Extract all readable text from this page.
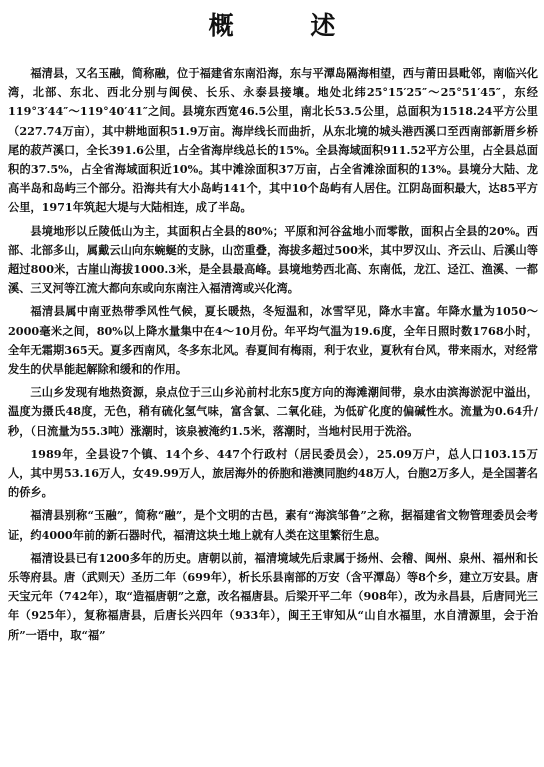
概 述

福清县，又名玉融，简称融，位于福建省东南沿海，东与平潭岛隔海相望，西与莆田县毗邻，南临兴化湾，北部、东北、西北分别与闽侯、长乐、永泰县接壤。地处北纬25°15′25″～25°51′45″，东经119°3′44″～119°40′41″之间。县境东西宽46.5公里，南北长53.5公里，总面积为1518.24平方公里（227.74万亩），其中耕地面积51.9万亩。海岸线长而曲折，从东北境的城头港西溪口至西南部新厝乡桥尾的菽芦溪口，全长391.6公里，占全省海岸线总长的15%。全县海域面积911.52平方公里，占全县总面积的37.5%，占全省海域面积近10%。其中滩涂面积37万亩，占全省滩涂面积的13%。县境分大陆、龙高半岛和岛屿三个部分。沿海共有大小岛屿141个，其中10个岛屿有人居住。江阴岛面积最大，达85平方公里，1971年筑起大堤与大陆相连，成了半岛。

县境地形以丘陵低山为主，其面积占全县的80%；平原和河谷盆地小而零散，面积占全县的20%。西部、北部多山，属戴云山向东蜿蜒的支脉，山峦重叠，海拔多超过500米，其中罗汉山、齐云山、后溪山等超过800米，古崖山海拔1000.3米，是全县最高峰。县境地势西北高、东南低，龙江、迳江、渔溪、一都溪、三叉河等江流大都向东或向东南注入福清湾或兴化湾。

福清县属中南亚热带季风性气候，夏长暖热，冬短温和，冰雪罕见，降水丰富。年降水量为1050～2000毫米之间，80%以上降水量集中在4～10月份。年平均气温为19.6度，全年日照时数1768小时，全年无霜期365天。夏多西南风，冬多东北风。春夏间有梅雨，利于农业，夏秋有台风，带来雨水，对经常发生的伏旱能起解除和缓和的作用。

三山乡发现有地热资源，泉点位于三山乡沁前村北东5度方向的海滩潮间带，泉水由滨海淤泥中溢出，温度为摄氏48度，无色，稍有硫化氢气味，富含氯、二氧化硅，为低矿化度的偏碱性水。流量为0.64升/秒，（日流量为55.3吨）涨潮时，该泉被淹约1.5米，落潮时，当地村民用于洗浴。

1989年，全县设7个镇、14个乡、447个行政村（居民委员会），25.09万户，总人口103.15万人，其中男53.16万人，女49.99万人，旅居海外的侨胞和港澳同胞约48万人，台胞2万多人，是全国著名的侨乡。

福清县别称“玉融”，简称“融”，是个文明的古邑，素有“海滨邹鲁”之称，据福建省文物管理委员会考证，约4000年前的新石器时代，福清这块土地上就有人类在这里繁衍生息。

福清设县已有1200多年的历史。唐朝以前，福清境域先后隶属于扬州、会稽、闽州、泉州、福州和长乐等府县。唐（武则天）圣历二年（699年），析长乐县南部的万安（含平潭岛）等8个乡，建立万安县。唐天宝元年（742年），取“造福唐朝”之意，改名福唐县。后梁开平二年（908年），改为永昌县，后唐同光三年（925年），复称福唐县，后唐长兴四年（933年），闽王王审知从“山自水福里，水自清源里，会于治所”一语中，取“福”
